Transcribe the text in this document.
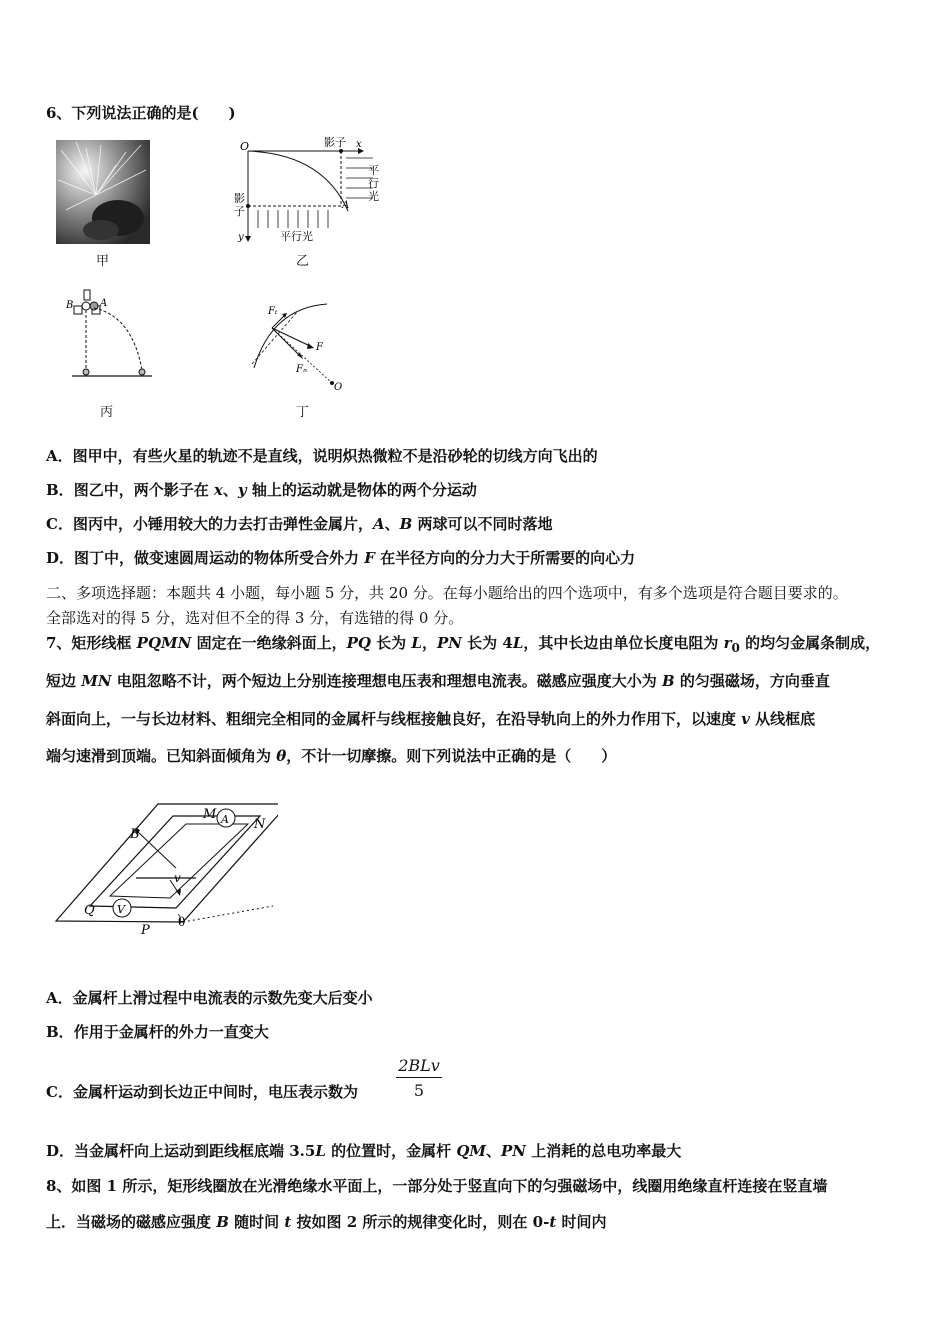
6、下列说法正确的是(　　)
甲
O	影子 x
平
行
光
A
影
子
y	平行光
乙
B	A
丙
Fₜ
F
Fₙ
O
丁
A．图甲中，有些火星的轨迹不是直线，说明炽热微粒不是沿砂轮的切线方向飞出的
B．图乙中，两个影子在 x、y 轴上的运动就是物体的两个分运动
C．图丙中，小锤用较大的力去打击弹性金属片，A、B 两球可以不同时落地
D．图丁中，做变速圆周运动的物体所受合外力 F 在半径方向的分力大于所需要的向心力
二、多项选择题：本题共 4 小题，每小题 5 分，共 20 分。在每小题给出的四个选项中，有多个选项是符合题目要求的。
全部选对的得 5 分，选对但不全的得 3 分，有选错的得 0 分。
7、矩形线框 PQMN 固定在一绝缘斜面上，PQ 长为 L，PN 长为 4L，其中长边由单位长度电阻为 $r_0$ 的均匀金属条制成，
短边 MN 电阻忽略不计，两个短边上分别连接理想电压表和理想电流表。磁感应强度大小为 B 的匀强磁场，方向垂直
斜面向上，一与长边材料、粗细完全相同的金属杆与线框接触良好，在沿导轨向上的外力作用下，以速度 v 从线框底
端匀速滑到顶端。已知斜面倾角为 θ，不计一切摩擦。则下列说法中正确的是（　　）
M A N
B
v
Q V
P
θ
A．金属杆上滑过程中电流表的示数先变大后变小
B．作用于金属杆的外力一直变大
C．金属杆运动到长边正中间时，电压表示数为
2BLv
5
D．当金属杆向上运动到距线框底端 3.5L 的位置时，金属杆 QM、PN 上消耗的总电功率最大
8、如图 1 所示，矩形线圈放在光滑绝缘水平面上，一部分处于竖直向下的匀强磁场中，线圈用绝缘直杆连接在竖直墙
上．当磁场的磁感应强度 B 随时间 t 按如图 2 所示的规律变化时，则在 0-t 时间内
